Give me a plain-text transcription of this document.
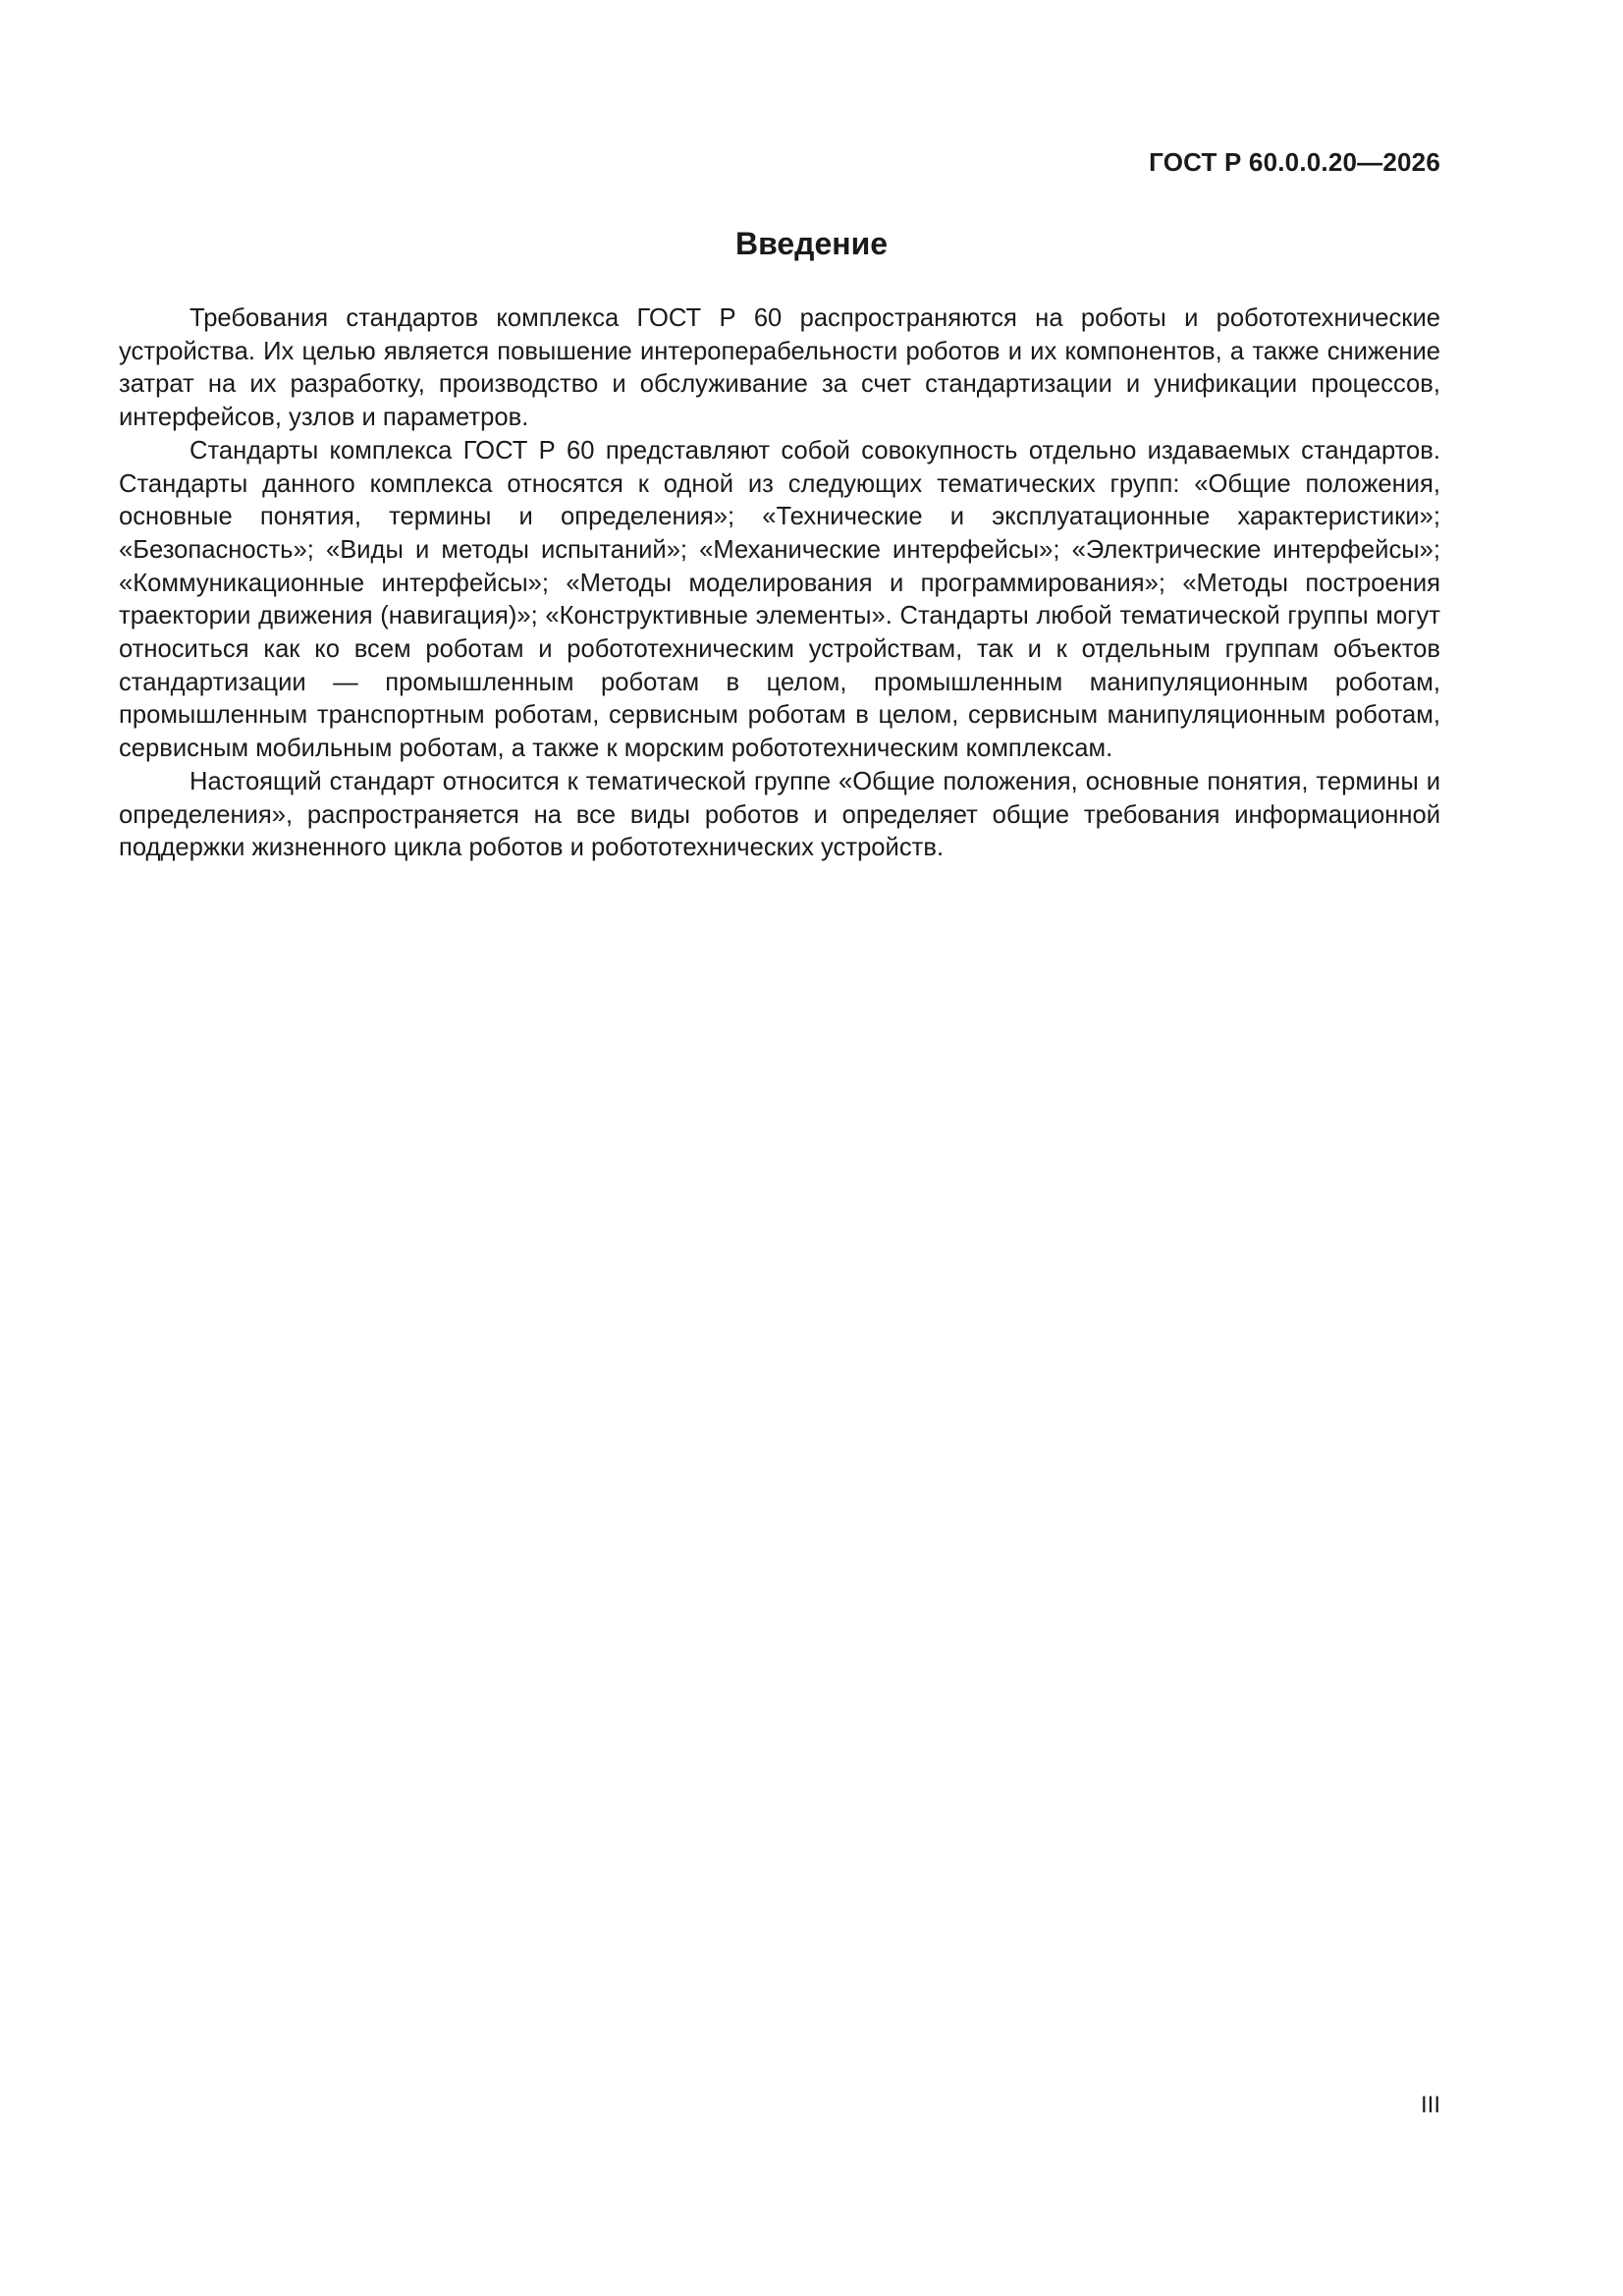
ГОСТ Р 60.0.0.20—2026
Введение

Требования стандартов комплекса ГОСТ Р 60 распространяются на роботы и робототехнические устройства. Их целью является повышение интероперабельности роботов и их компонентов, а также снижение затрат на их разработку, производство и обслуживание за счет стандартизации и унификации процессов, интерфейсов, узлов и параметров.

Стандарты комплекса ГОСТ Р 60 представляют собой совокупность отдельно издаваемых стандартов. Стандарты данного комплекса относятся к одной из следующих тематических групп: «Общие положения, основные понятия, термины и определения»; «Технические и эксплуатационные характеристики»; «Безопасность»; «Виды и методы испытаний»; «Механические интерфейсы»; «Электрические интерфейсы»; «Коммуникационные интерфейсы»; «Методы моделирования и программирования»; «Методы построения траектории движения (навигация)»; «Конструктивные элементы». Стандарты любой тематической группы могут относиться как ко всем роботам и робототехническим устройствам, так и к отдельным группам объектов стандартизации — промышленным роботам в целом, промышленным манипуляционным роботам, промышленным транспортным роботам, сервисным роботам в целом, сервисным манипуляционным роботам, сервисным мобильным роботам, а также к морским робототехническим комплексам.

Настоящий стандарт относится к тематической группе «Общие положения, основные понятия, термины и определения», распространяется на все виды роботов и определяет общие требования информационной поддержки жизненного цикла роботов и робототехнических устройств.

III
